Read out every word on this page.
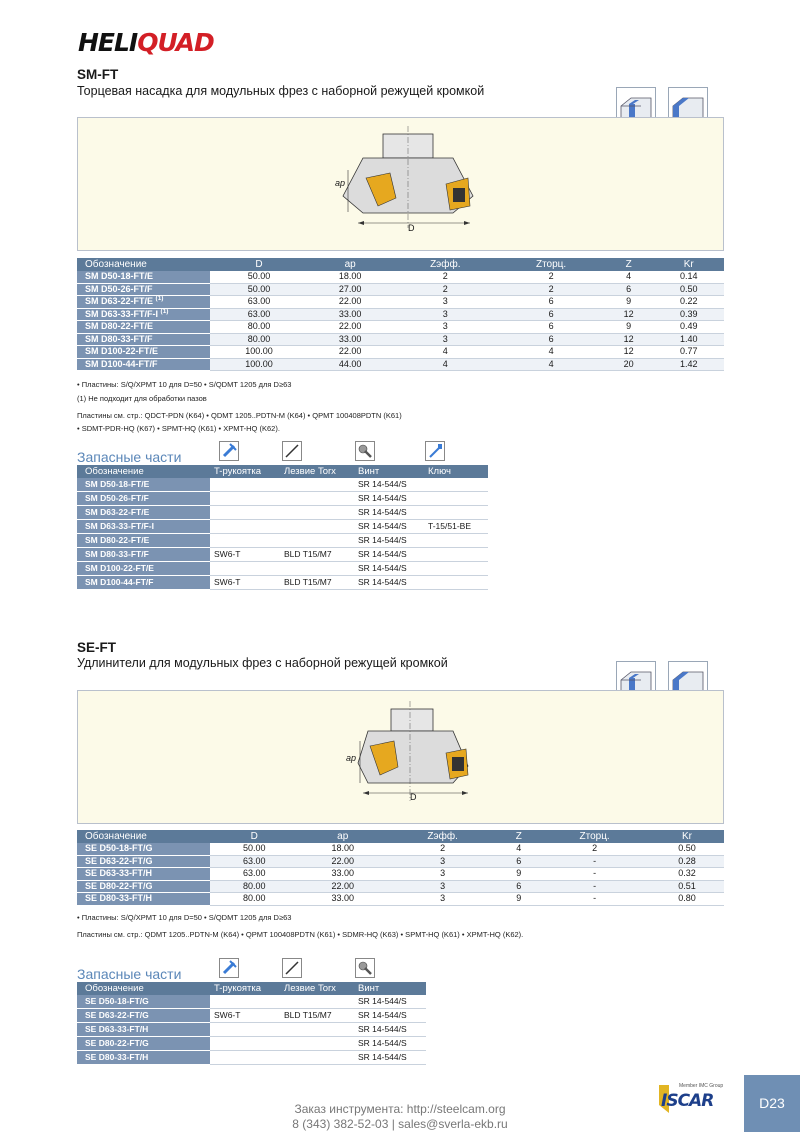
HELIQUAD
SM-FT
Торцевая насадка для модульных фрез с наборной режущей кромкой
ap
D
Обозначение	D	ap	Zэфф.	Zторц.	Z	Kr
SM D50-18-FT/E	50.00	18.00	2	2	4	0.14
SM D50-26-FT/F	50.00	27.00	2	2	6	0.50
SM D63-22-FT/E $^{(1)}$	63.00	22.00	3	6	9	0.22
SM D63-33-FT/F-I $^{(1)}$	63.00	33.00	3	6	12	0.39
SM D80-22-FT/E	80.00	22.00	3	6	9	0.49
SM D80-33-FT/F	80.00	33.00	3	6	12	1.40
SM D100-22-FT/E	100.00	22.00	4	4	12	0.77
SM D100-44-FT/F	100.00	44.00	4	4	20	1.42
• Пластины: S/Q/XPMT 10 для D=50 • S/QDMT 1205 для D≥63
(1) Не подходит для обработки пазов
Пластины см. стр.: QDCT-PDN (K64) • QDMT 1205..PDTN-M (K64) • QPMT 100408PDTN (K61)
• SDMT-PDR-HQ (K67) • SPMT-HQ (K61) • XPMT-HQ (K62).
Запасные части
Обозначение	T-рукоятка	Лезвие Torx	Винт	Ключ
SM D50-18-FT/E			SR 14-544/S	
SM D50-26-FT/F			SR 14-544/S	
SM D63-22-FT/E			SR 14-544/S	
SM D63-33-FT/F-I			SR 14-544/S	T-15/51-BE
SM D80-22-FT/E			SR 14-544/S	
SM D80-33-FT/F	SW6-T	BLD T15/M7	SR 14-544/S	
SM D100-22-FT/E			SR 14-544/S	
SM D100-44-FT/F	SW6-T	BLD T15/M7	SR 14-544/S	
SE-FT
Удлинители для модульных фрез с наборной режущей кромкой
ap
D
Обозначение	D	ap	Zэфф.	Z	Zторц.	Kr
SE D50-18-FT/G	50.00	18.00	2	4	2	0.50
SE D63-22-FT/G	63.00	22.00	3	6	-	0.28
SE D63-33-FT/H	63.00	33.00	3	9	-	0.32
SE D80-22-FT/G	80.00	22.00	3	6	-	0.51
SE D80-33-FT/H	80.00	33.00	3	9	-	0.80
• Пластины: S/Q/XPMT 10 для D=50 • S/QDMT 1205 для D≥63
Пластины см. стр.: QDMT 1205..PDTN-M (K64) • QPMT 100408PDTN (K61) • SDMR-HQ (K63) • SPMT-HQ (K61) • XPMT-HQ (K62).
Запасные части
Обозначение	T-рукоятка	Лезвие Torx	Винт
SE D50-18-FT/G			SR 14-544/S
SE D63-22-FT/G	SW6-T	BLD T15/M7	SR 14-544/S
SE D63-33-FT/H			SR 14-544/S
SE D80-22-FT/G			SR 14-544/S
SE D80-33-FT/H			SR 14-544/S
Заказ инструмента: http://steelcam.org
8 (343) 382-52-03 | sales@sverla-ekb.ru
Member IMC Group
ISCAR	D23
